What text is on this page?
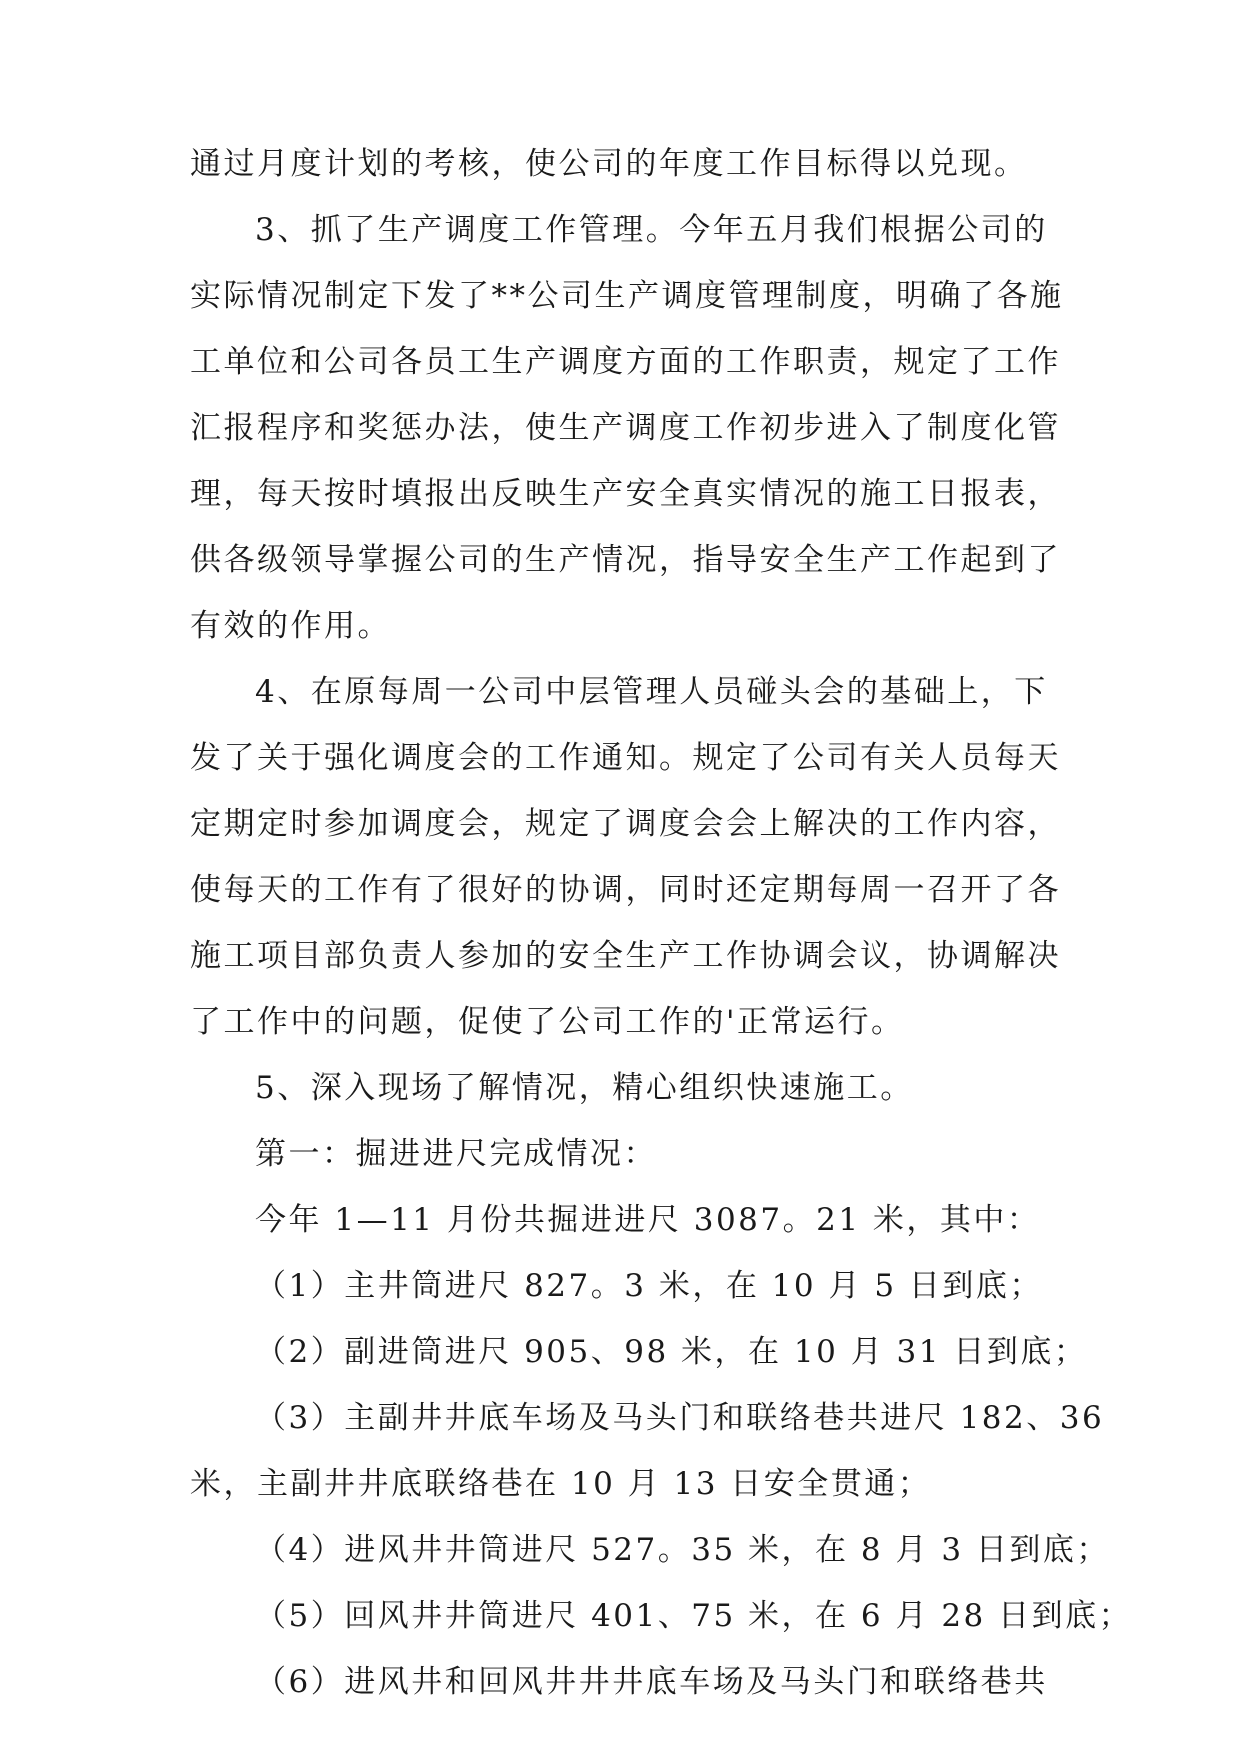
通过月度计划的考核，使公司的年度工作目标得以兑现。
3、抓了生产调度工作管理。今年五月我们根据公司的
实际情况制定下发了**公司生产调度管理制度，明确了各施
工单位和公司各员工生产调度方面的工作职责，规定了工作
汇报程序和奖惩办法，使生产调度工作初步进入了制度化管
理，每天按时填报出反映生产安全真实情况的施工日报表，
供各级领导掌握公司的生产情况，指导安全生产工作起到了
有效的作用。
4、在原每周一公司中层管理人员碰头会的基础上，下
发了关于强化调度会的工作通知。规定了公司有关人员每天
定期定时参加调度会，规定了调度会会上解决的工作内容，
使每天的工作有了很好的协调，同时还定期每周一召开了各
施工项目部负责人参加的安全生产工作协调会议，协调解决
了工作中的问题，促使了公司工作的'正常运行。
5、深入现场了解情况，精心组织快速施工。
第一：掘进进尺完成情况：
今年 1—11 月份共掘进进尺 3087。21 米，其中：
（1）主井筒进尺 827。3 米，在 10 月 5 日到底；
（2）副进筒进尺 905、98 米，在 10 月 31 日到底；
（3）主副井井底车场及马头门和联络巷共进尺 182、36
米，主副井井底联络巷在 10 月 13 日安全贯通；
（4）进风井井筒进尺 527。35 米，在 8 月 3 日到底；
（5）回风井井筒进尺 401、75 米，在 6 月 28 日到底；
（6）进风井和回风井井井底车场及马头门和联络巷共
